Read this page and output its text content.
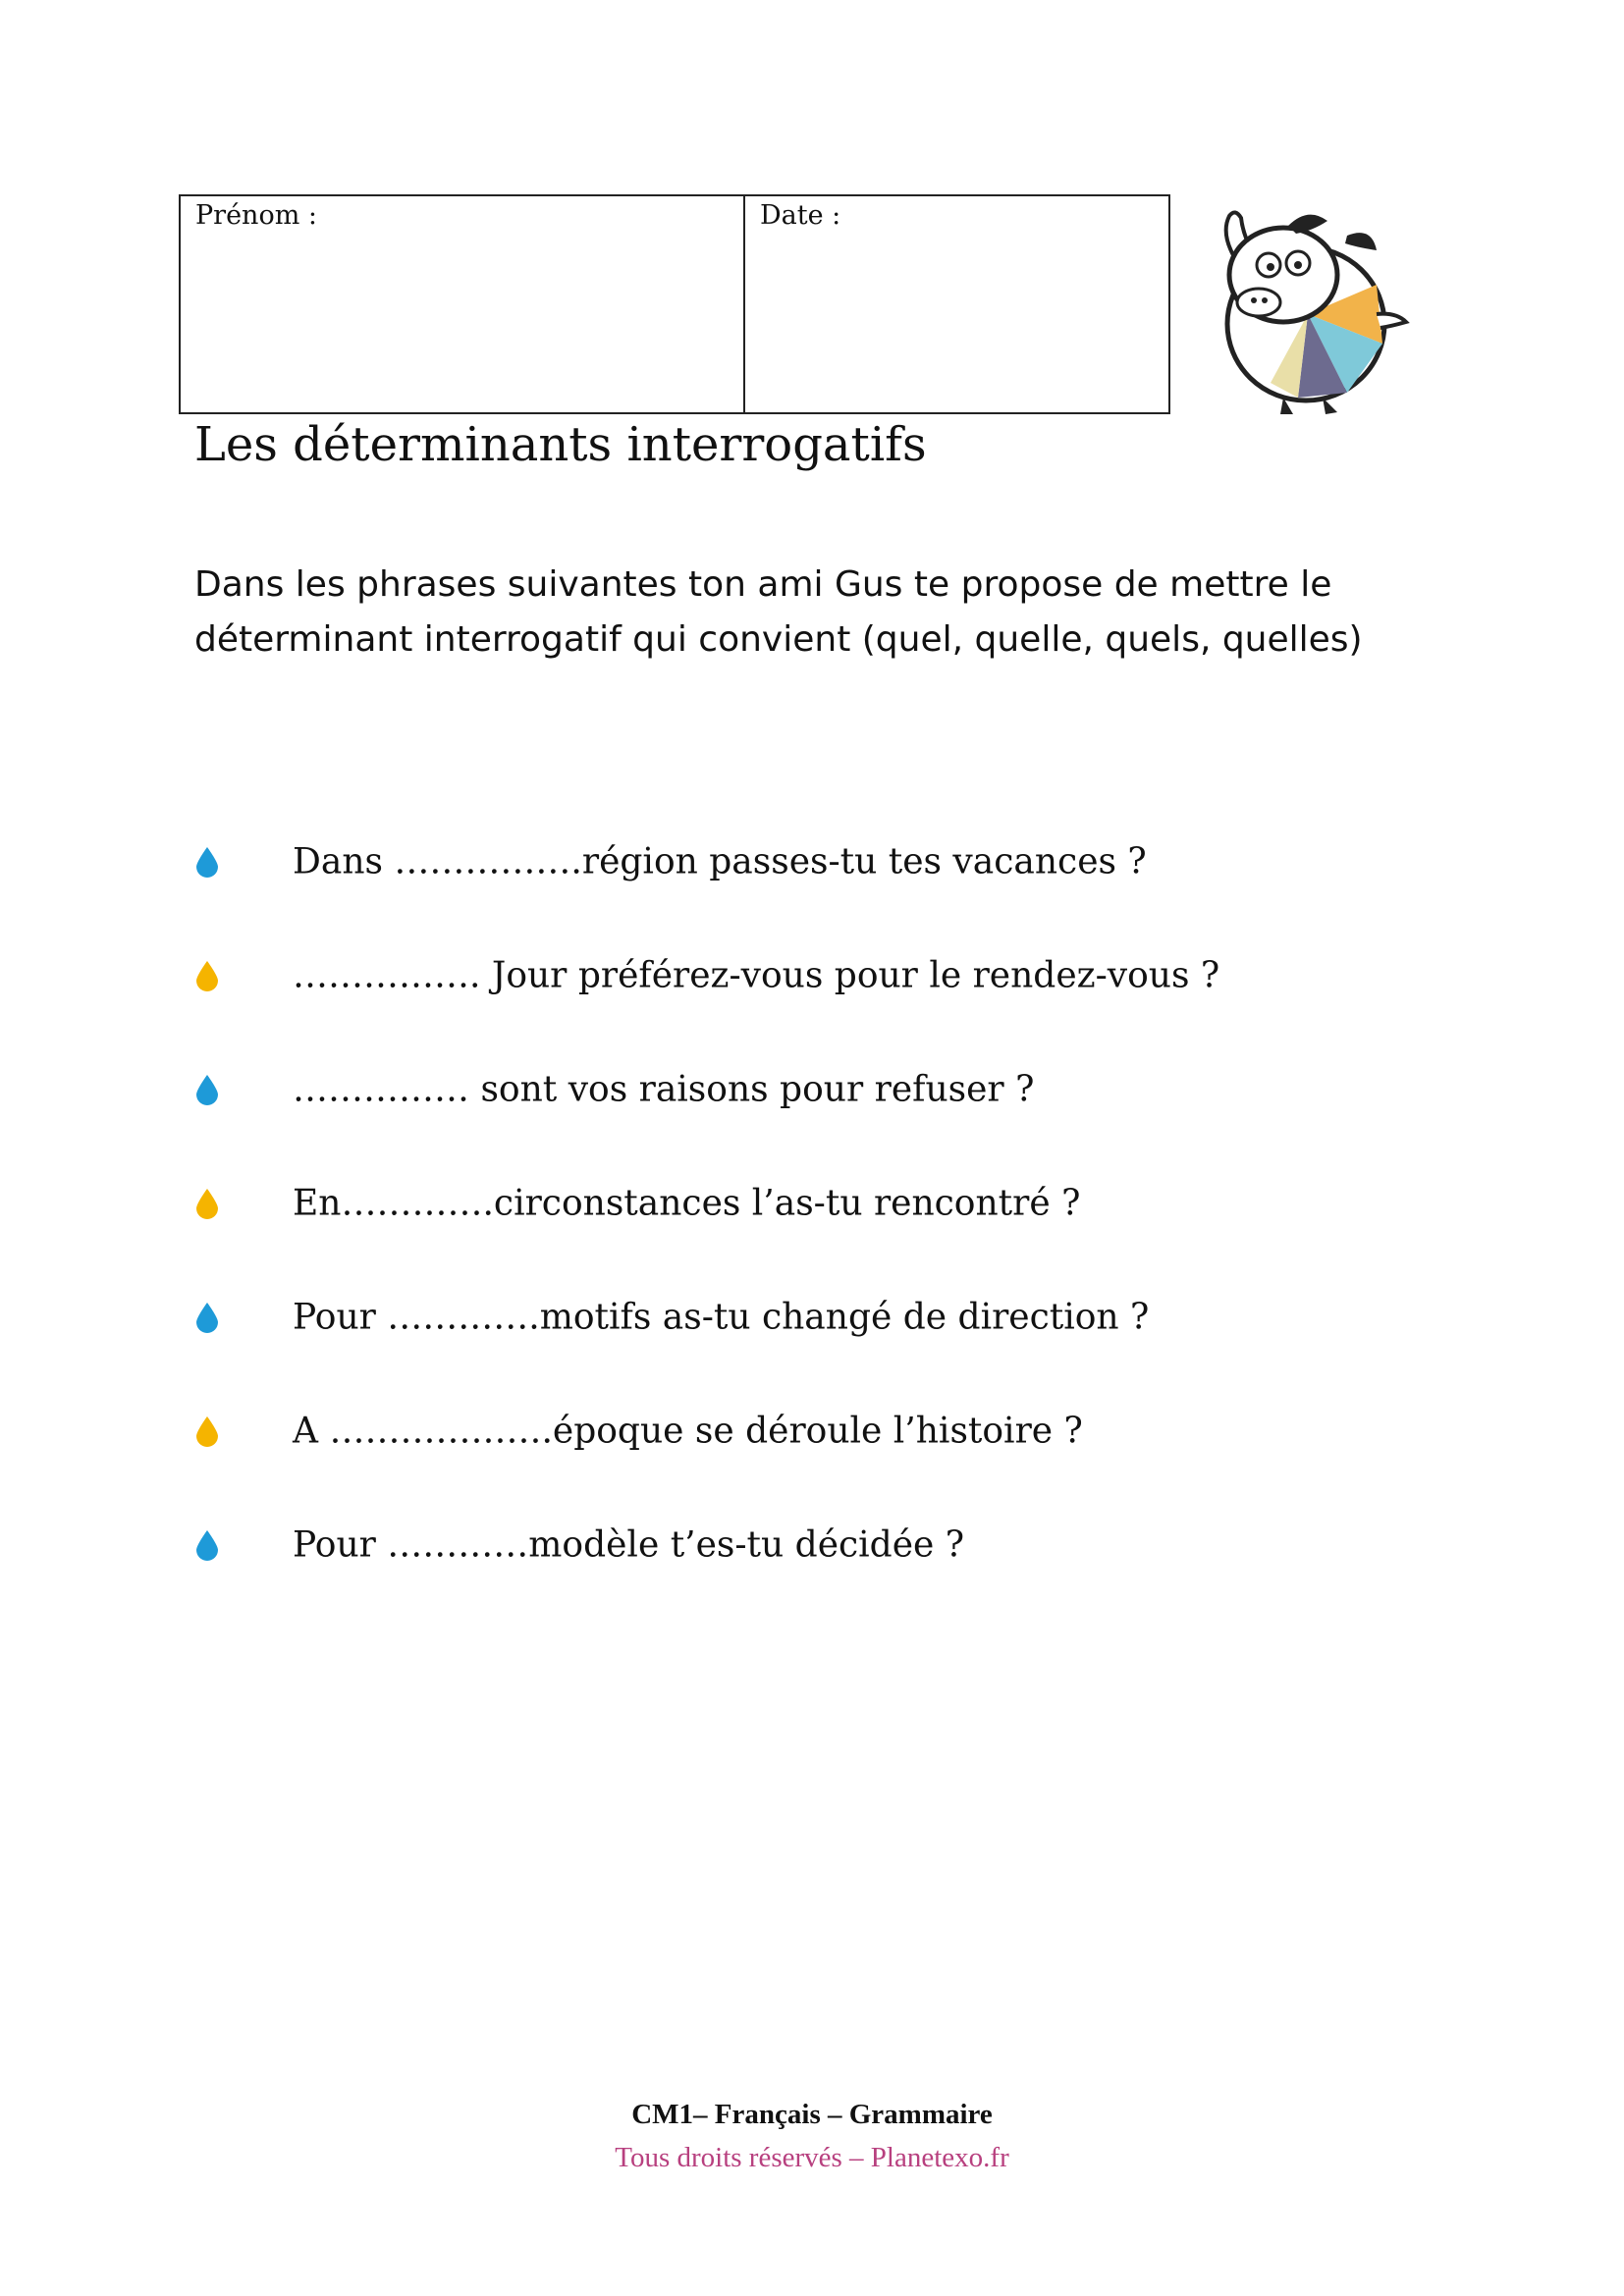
Prénom :	Date :
Les déterminants interrogatifs
Dans les phrases suivantes ton ami Gus te propose de mettre le
déterminant interrogatif qui convient (quel, quelle, quels, quelles)
Dans …………….région passes-tu tes vacances ?
……………. Jour préférez-vous pour le rendez-vous ?
…………… sont vos raisons pour refuser ?
En………….circonstances l’as-tu rencontré ?
Pour ………….motifs as-tu changé de direction ?
A ……………….époque se déroule l’histoire ?
Pour …………modèle t’es-tu décidée ?
CM1– Français – Grammaire
Tous droits réservés – Planetexo.fr
